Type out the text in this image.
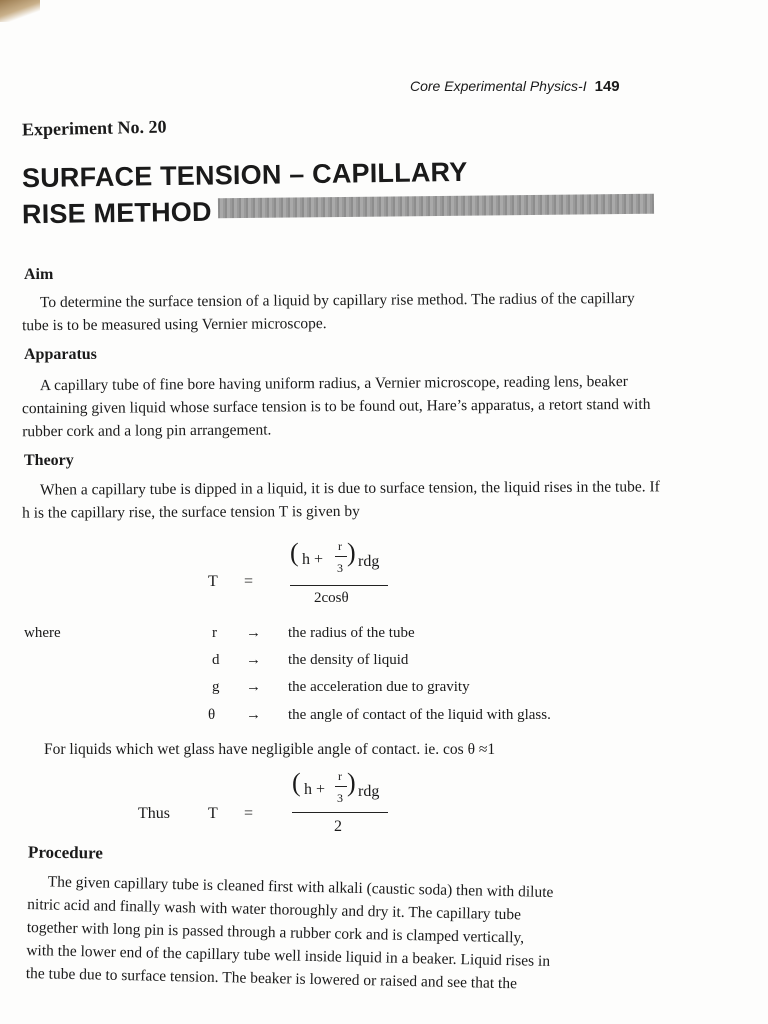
Core Experimental Physics-I 149
Experiment No. 20
SURFACE TENSION – CAPILLARY
RISE METHOD
Aim
To determine the surface tension of a liquid by capillary rise method. The radius of the capillary tube is to be measured using Vernier microscope.
Apparatus
A capillary tube of fine bore having uniform radius, a Vernier microscope, reading lens, beaker containing given liquid whose surface tension is to be found out, Hare’s apparatus, a retort stand with rubber cork and a long pin arrangement.
Theory
When a capillary tube is dipped in a liquid, it is due to surface tension, the liquid rises in the tube. If h is the capillary rise, the surface tension T is given by
T =
( h +
r
3
) rdg
2cosθ
where	r → the radius of the tube
d → the density of liquid
g → the acceleration due to gravity
θ → the angle of contact of the liquid with glass.
For liquids which wet glass have negligible angle of contact. ie. cos θ ≈1
Thus T =
( h +
r
3
) rdg
2
Procedure
The given capillary tube is cleaned first with alkali (caustic soda) then with dilute
nitric acid and finally wash with water thoroughly and dry it. The capillary tube
together with long pin is passed through a rubber cork and is clamped vertically,
with the lower end of the capillary tube well inside liquid in a beaker. Liquid rises in
the tube due to surface tension. The beaker is lowered or raised and see that the
